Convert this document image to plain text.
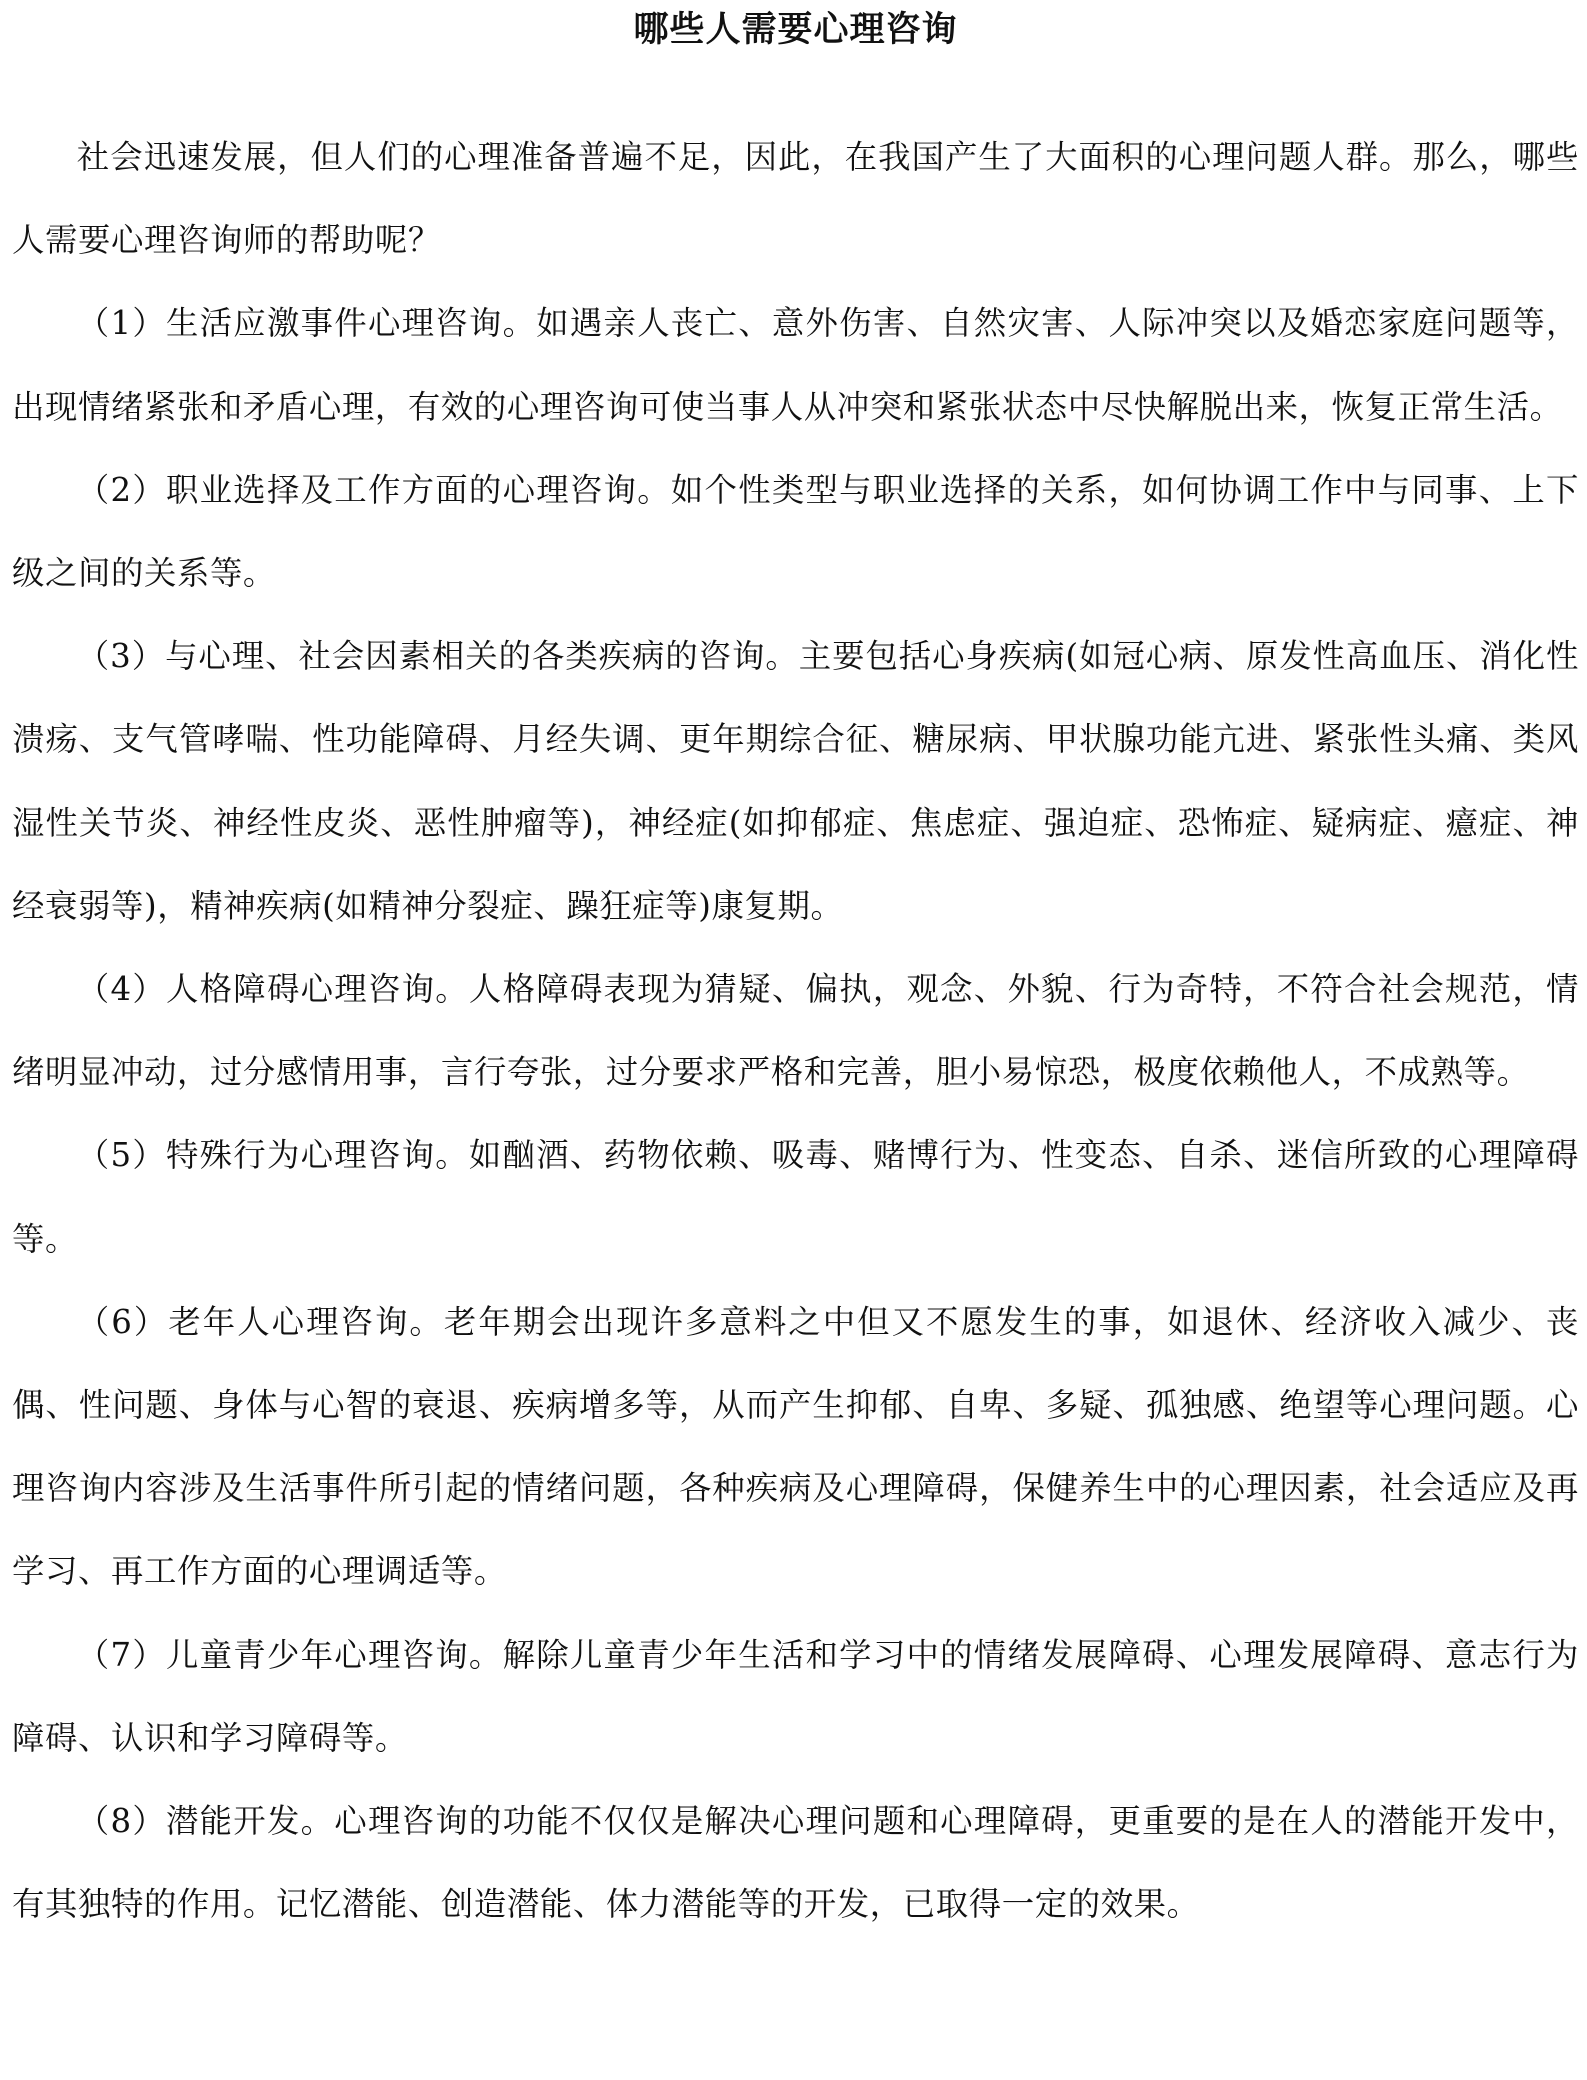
哪些人需要心理咨询

社会迅速发展，但人们的心理准备普遍不足，因此，在我国产生了大面积的心理问题人群。那么，哪些人需要心理咨询师的帮助呢？

（1）生活应激事件心理咨询。如遇亲人丧亡、意外伤害、自然灾害、人际冲突以及婚恋家庭问题等，出现情绪紧张和矛盾心理，有效的心理咨询可使当事人从冲突和紧张状态中尽快解脱出来，恢复正常生活。

（2）职业选择及工作方面的心理咨询。如个性类型与职业选择的关系，如何协调工作中与同事、上下级之间的关系等。

（3）与心理、社会因素相关的各类疾病的咨询。主要包括心身疾病(如冠心病、原发性高血压、消化性溃疡、支气管哮喘、性功能障碍、月经失调、更年期综合征、糖尿病、甲状腺功能亢进、紧张性头痛、类风湿性关节炎、神经性皮炎、恶性肿瘤等)，神经症(如抑郁症、焦虑症、强迫症、恐怖症、疑病症、癔症、神经衰弱等)，精神疾病(如精神分裂症、躁狂症等)康复期。

（4）人格障碍心理咨询。人格障碍表现为猜疑、偏执，观念、外貌、行为奇特，不符合社会规范，情绪明显冲动，过分感情用事，言行夸张，过分要求严格和完善，胆小易惊恐，极度依赖他人，不成熟等。

（5）特殊行为心理咨询。如酗酒、药物依赖、吸毒、赌博行为、性变态、自杀、迷信所致的心理障碍等。

（6）老年人心理咨询。老年期会出现许多意料之中但又不愿发生的事，如退休、经济收入减少、丧偶、性问题、身体与心智的衰退、疾病增多等，从而产生抑郁、自卑、多疑、孤独感、绝望等心理问题。心理咨询内容涉及生活事件所引起的情绪问题，各种疾病及心理障碍，保健养生中的心理因素，社会适应及再学习、再工作方面的心理调适等。

（7）儿童青少年心理咨询。解除儿童青少年生活和学习中的情绪发展障碍、心理发展障碍、意志行为障碍、认识和学习障碍等。

（8）潜能开发。心理咨询的功能不仅仅是解决心理问题和心理障碍，更重要的是在人的潜能开发中，有其独特的作用。记忆潜能、创造潜能、体力潜能等的开发，已取得一定的效果。
